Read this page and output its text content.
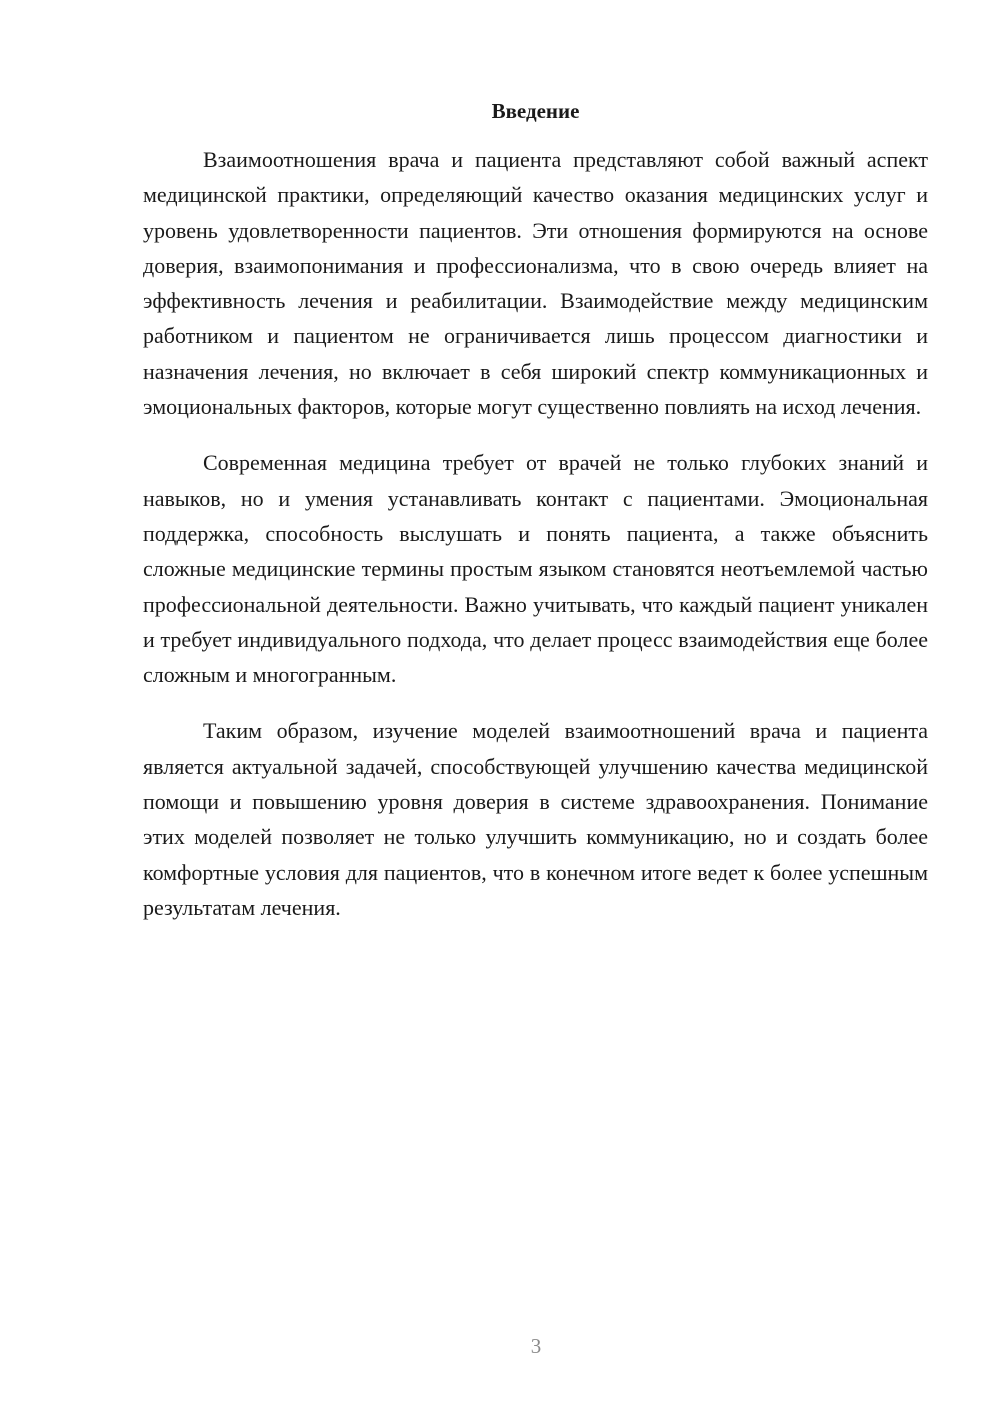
Введение

Взаимоотношения врача и пациента представляют собой важный аспект медицинской практики, определяющий качество оказания медицинских услуг и уровень удовлетворенности пациентов. Эти отношения формируются на основе доверия, взаимопонимания и профессионализма, что в свою очередь влияет на эффективность лечения и реабилитации. Взаимодействие между медицинским работником и пациентом не ограничивается лишь процессом диагностики и назначения лечения, но включает в себя широкий спектр коммуникационных и эмоциональных факторов, которые могут существенно повлиять на исход лечения.

Современная медицина требует от врачей не только глубоких знаний и навыков, но и умения устанавливать контакт с пациентами. Эмоциональная поддержка, способность выслушать и понять пациента, а также объяснить сложные медицинские термины простым языком становятся неотъемлемой частью профессиональной деятельности. Важно учитывать, что каждый пациент уникален и требует индивидуального подхода, что делает процесс взаимодействия еще более сложным и многогранным.

Таким образом, изучение моделей взаимоотношений врача и пациента является актуальной задачей, способствующей улучшению качества медицинской помощи и повышению уровня доверия в системе здравоохранения. Понимание этих моделей позволяет не только улучшить коммуникацию, но и создать более комфортные условия для пациентов, что в конечном итоге ведет к более успешным результатам лечения.

3
